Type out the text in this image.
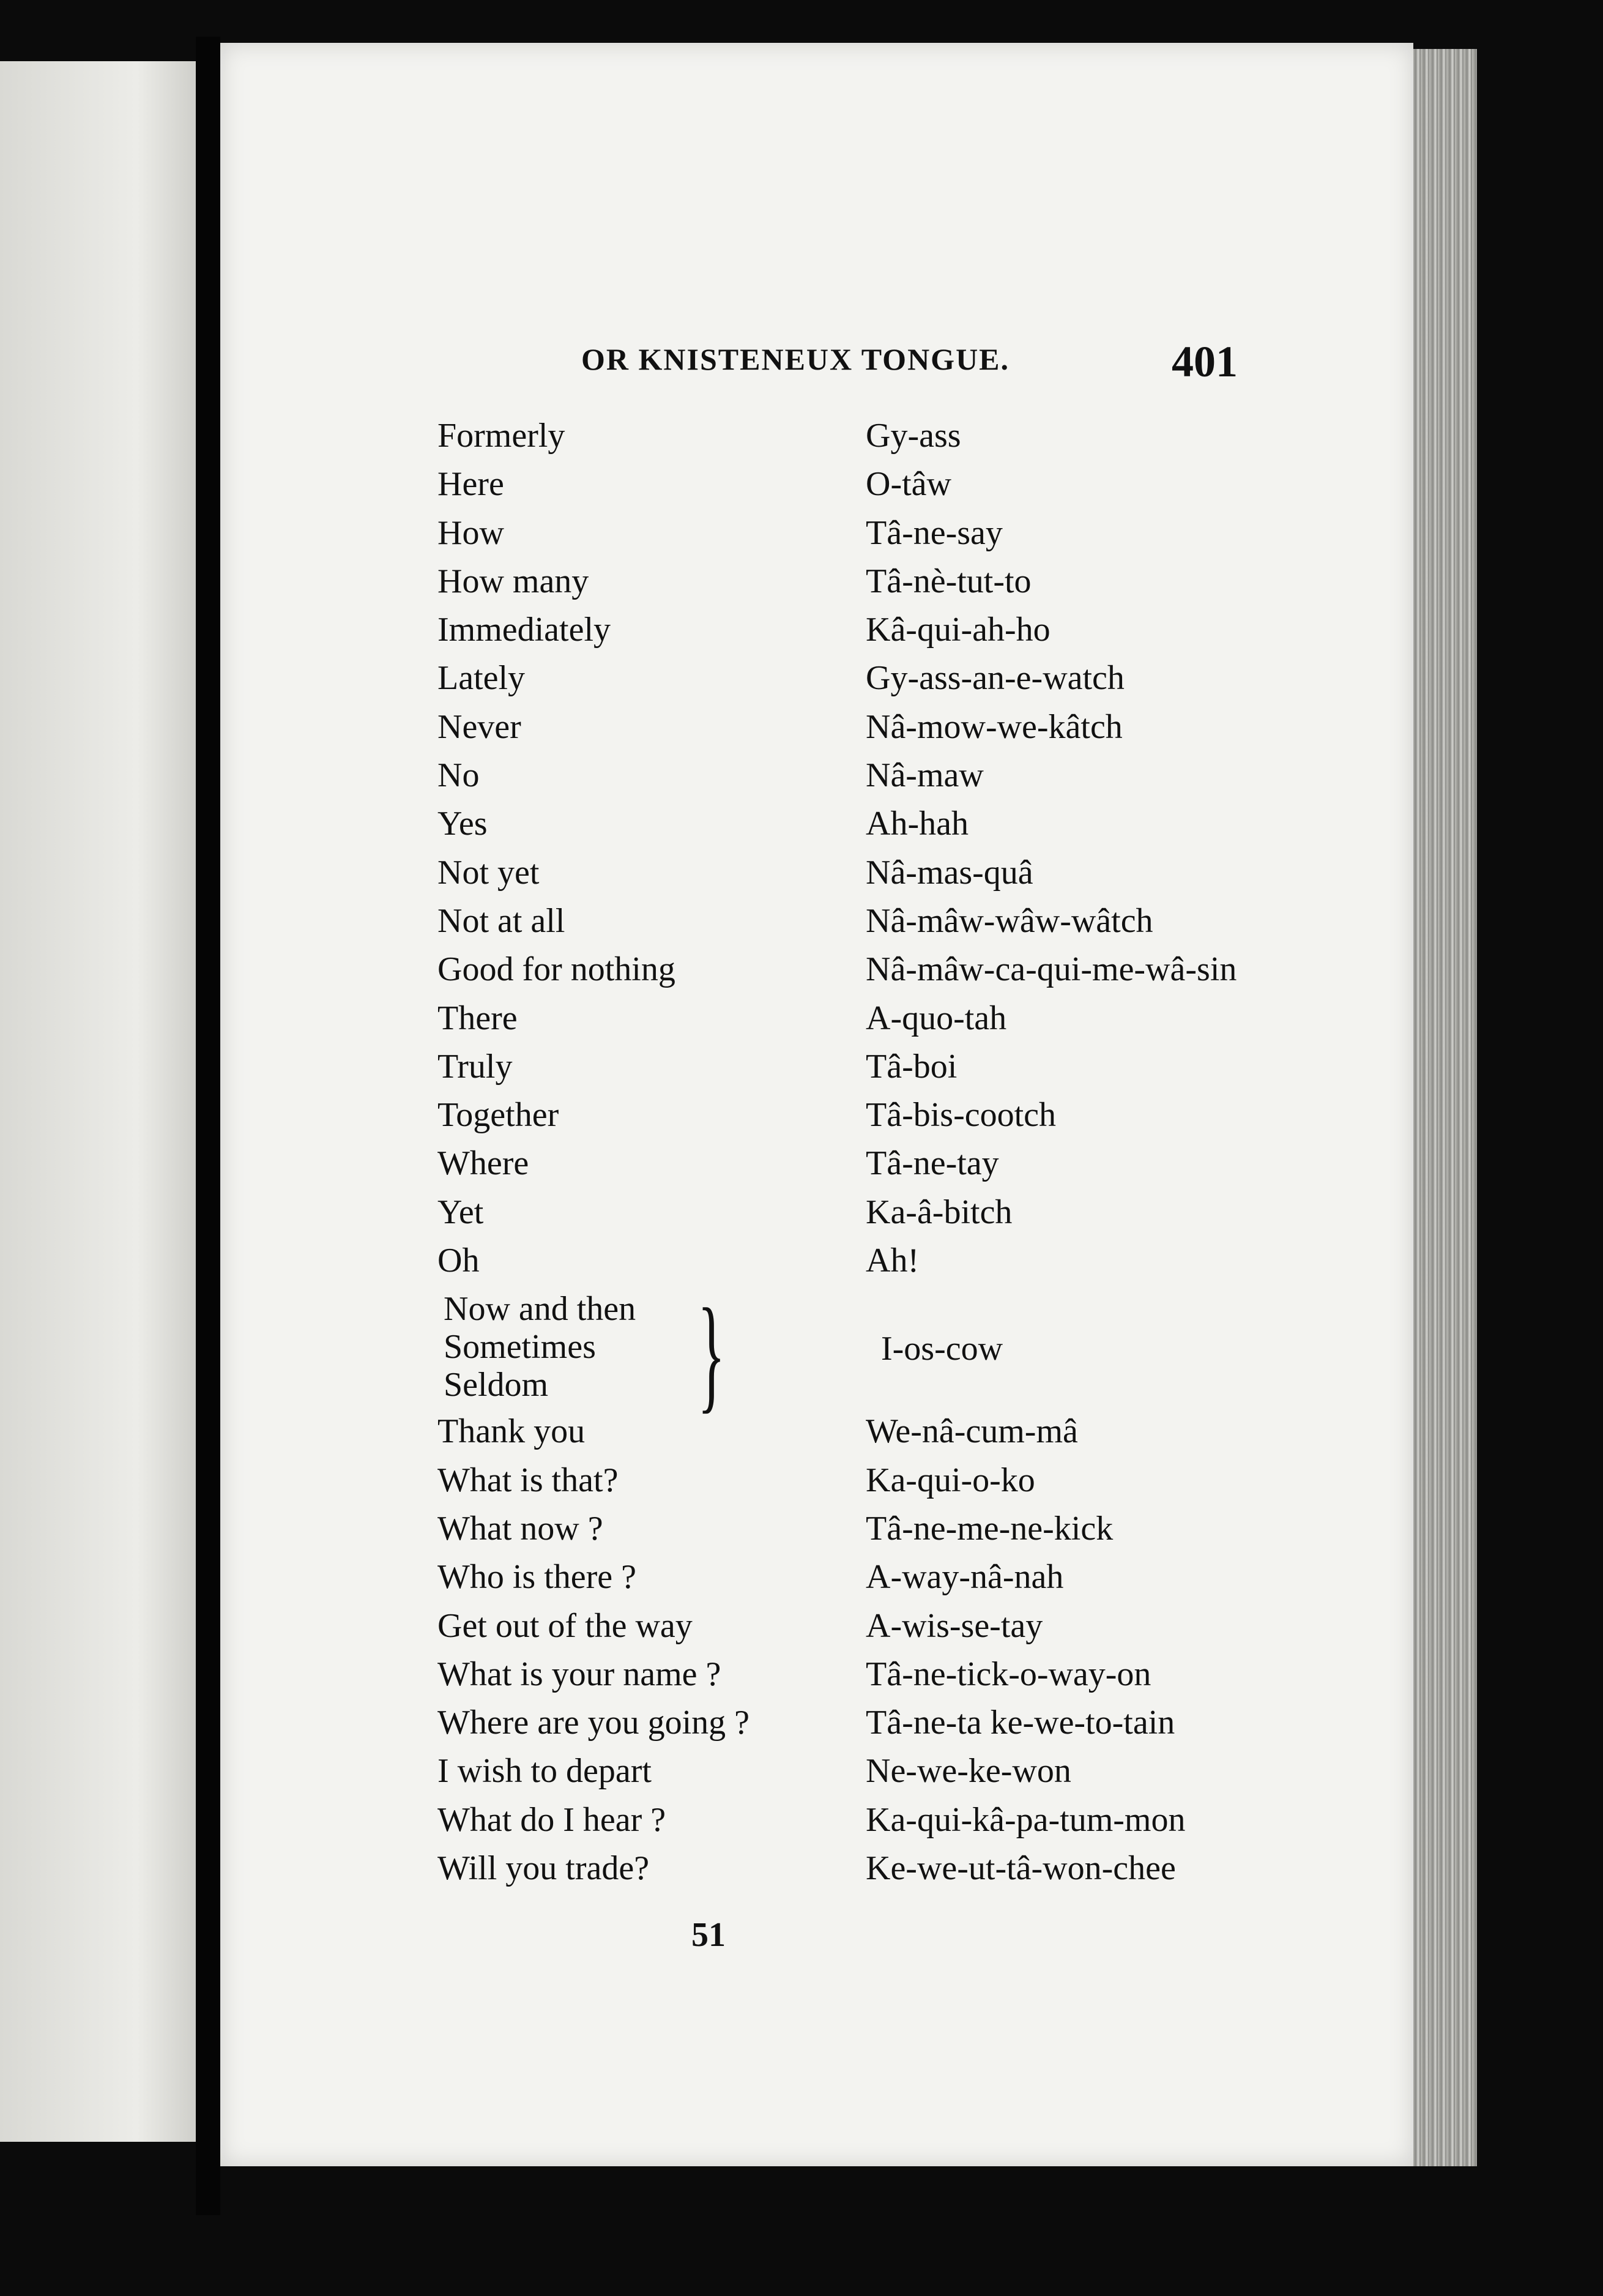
OR KNISTENEUX TONGUE.	401
Formerly	Gy-ass
Here	O-tâw
How	Tâ-ne-say
How many	Tâ-nè-tut-to
Immediately	Kâ-qui-ah-ho
Lately	Gy-ass-an-e-watch
Never	Nâ-mow-we-kâtch
No	Nâ-maw
Yes	Ah-hah
Not yet	Nâ-mas-quâ
Not at all	Nâ-mâw-wâw-wâtch
Good for nothing	Nâ-mâw-ca-qui-me-wâ-sin
There	A-quo-tah
Truly	Tâ-boi
Together	Tâ-bis-cootch
Where	Tâ-ne-tay
Yet	Ka-â-bitch
Oh	Ah!
Now and then
Sometimes
Seldom }	I-os-cow
Thank you	We-nâ-cum-mâ
What is that?	Ka-qui-o-ko
What now ?	Tâ-ne-me-ne-kick
Who is there ?	A-way-nâ-nah
Get out of the way	A-wis-se-tay
What is your name ?	Tâ-ne-tick-o-way-on
Where are you going ?	Tâ-ne-ta ke-we-to-tain
I wish to depart	Ne-we-ke-won
What do I hear ?	Ka-qui-kâ-pa-tum-mon
Will you trade?	Ke-we-ut-tâ-won-chee
51
